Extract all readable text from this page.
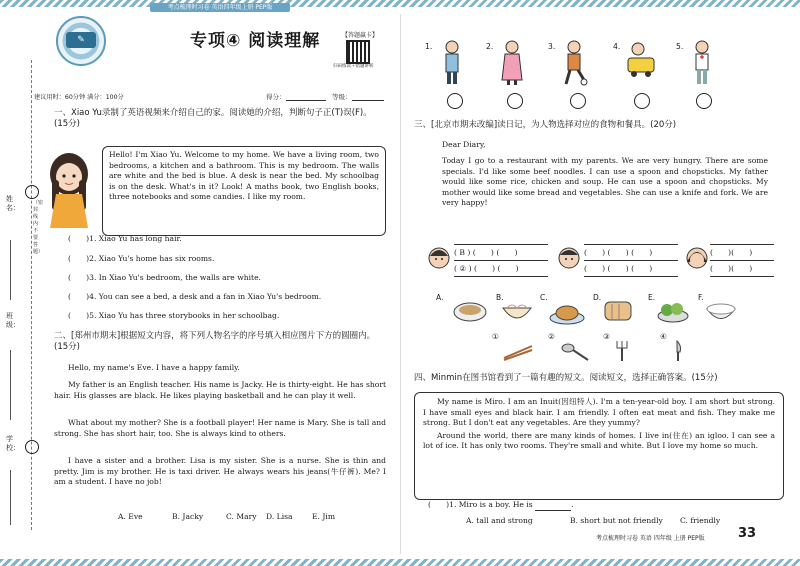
考点梳理时习卷 英语四年级上册 PEP版
✎	专项④ 阅读理解	【答题赢卡】
扫码练读＋错题讲析
建议用时：60分钟 满分：100分	得分：	等级：
姓名：
班级：
学校：
（密 封 线 内 不 要 答 题）
一、Xiao Yu录制了英语视频来介绍自己的家。阅读她的介绍，判断句子正(T)误(F)。(15分)
Hello! I'm Xiao Yu. Welcome to my home. We have a living room, two bedrooms, a kitchen and a bathroom. This is my bedroom. The walls are white and the bed is blue. A desk is near the bed. My schoolbag is on the desk. What's in it? Look! A maths book, two English books, three notebooks and some candies. I like my room.
(　　)1. Xiao Yu has long hair.
(　　)2. Xiao Yu's home has six rooms.
(　　)3. In Xiao Yu's bedroom, the walls are white.
(　　)4. You can see a bed, a desk and a fan in Xiao Yu's bedroom.
(　　)5. Xiao Yu has three storybooks in her schoolbag.
二、[郑州市期末]根据短文内容，将下列人物名字的序号填入相应图片下方的圆圈内。(15分)
Hello, my name's Eve. I have a happy family.
My father is an English teacher. His name is Jacky. He is thirty-eight. He has short hair. His glasses are black. He likes playing basketball and he can play it well.
What about my mother? She is a football player! Her name is Mary. She is tall and strong. She has short hair, too. She is always kind to others.
I have a sister and a brother. Lisa is my sister. She is a nurse. She is thin and pretty. Jim is my brother. He is taxi driver. He always wears his jeans(牛仔裤). Me? I am a student. I have no job!
A. Eve	B. Jacky	C. Mary D. Lisa	E. Jim
1.	2.	3.	4.	5.
三、[北京市期末改编]读日记，为人物选择对应的食物和餐具。(20分)
Dear Diary,
Today I go to a restaurant with my parents. We are very hungry. There are some specials. I'd like some beef noodles. I can use a spoon and chopsticks. My father would like some rice, chicken and soup. He can use a spoon and chopsticks. My mother would like some bread and vegetables. She can use a knife and fork. We are very happy!
( B ) (　　) (　　)
( ② ) (　　) (　　)
(　　) (　　) (　　)
(　　) (　　) (　　)
(　　)(　　)
(　　)(　　)
A.	B.	C.	D.	E.	F.
①	②	③	④
四、Minmin在图书馆看到了一篇有趣的短文。阅读短文，选择正确答案。(15分)
My name is Miro. I am an Inuit(因纽特人). I'm a ten-year-old boy. I am short but strong. I have small eyes and black hair. I am friendly. I often eat meat and fish. They make me strong. But I don't eat any vegetables. Are they yummy?
Around the world, there are many kinds of homes. I live in(住在) an igloo. I can see a lot of ice. It has only two rooms. They're small and white. But I love my home so much.
(　　)1. Miro is a boy. He is	.
A. tall and strong	B. short but not friendly C. friendly
考点梳理时习卷 英语 四年级 上册 PEP版	33
